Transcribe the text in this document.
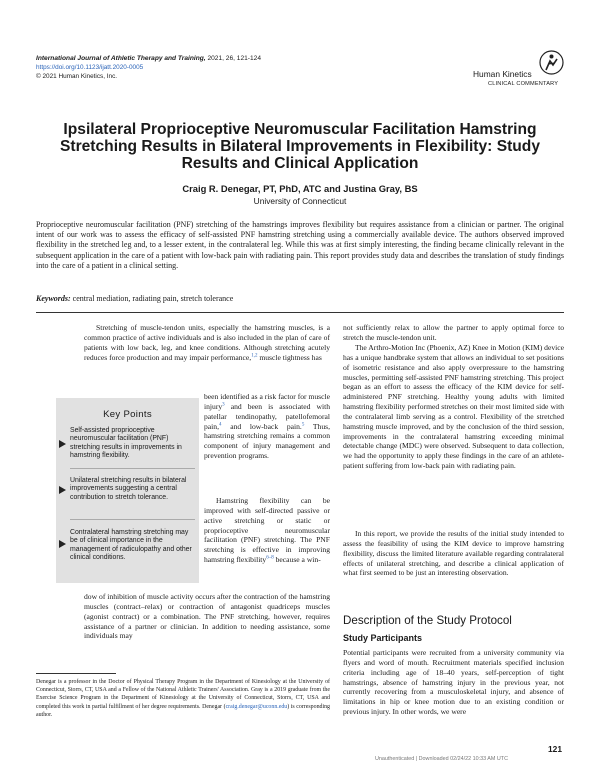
International Journal of Athletic Therapy and Training, 2021, 26, 121-124
https://doi.org/10.1123/ijatt.2020-0005
© 2021 Human Kinetics, Inc.	Human Kinetics
CLINICAL COMMENTARY
Ipsilateral Proprioceptive Neuromuscular Facilitation Hamstring Stretching Results in Bilateral Improvements in Flexibility: Study Results and Clinical Application
Craig R. Denegar, PT, PhD, ATC and Justina Gray, BS
University of Connecticut
Proprioceptive neuromuscular facilitation (PNF) stretching of the hamstrings improves flexibility but requires assistance from a clinician or partner. The original intent of our work was to assess the efficacy of self-assisted PNF hamstring stretching using a commercially available device. The authors observed improved flexibility in the stretched leg and, to a lesser extent, in the contralateral leg. While this was at first simply interesting, the finding became clinically relevant in the subsequent application in the care of a patient with low-back pain with radiating pain. This report provides study data and describes the translation of study findings into the care of a patient in a clinical setting.
Keywords: central mediation, radiating pain, stretch tolerance
Stretching of muscle-tendon units, especially the hamstring muscles, is a common practice of active individuals and is also included in the plan of care of patients with low back, leg, and knee conditions. Although stretching acutely reduces force production and may impair performance,$^{1,2}$ muscle tightness has
Key Points
Self-assisted proprioceptive neuromuscular facilitation (PNF) stretching results in improvements in hamstring flexibility.
Unilateral stretching results in bilateral improvements suggesting a central contribution to stretch tolerance.
Contralateral hamstring stretching may be of clinical importance in the management of radiculopathy and other clinical conditions.
been identified as a risk factor for muscle injury$^3$ and been is associated with patellar tendinopathy, patellofemoral pain,$^4$ and low-back pain.$^5$ Thus, hamstring stretching remains a common component of injury management and prevention programs.
Hamstring flexibility can be improved with self-directed passive or active stretching or static or proprioceptive neuromuscular facilitation (PNF) stretching. The PNF stretching is effective in improving hamstring flexibility$^{6-8}$ because a win-
dow of inhibition of muscle activity occurs after the contraction of the hamstring muscles (contract–relax) or contraction of antagonist quadriceps muscles (agonist contract) or a combination. The PNF stretching, however, requires assistance of a partner or clinician. In addition to needing assistance, some individuals may
not sufficiently relax to allow the partner to apply optimal force to stretch the muscle-tendon unit.
The Arthro-Motion Inc (Phoenix, AZ) Knee in Motion (KIM) device has a unique handbrake system that allows an individual to set positions of isometric resistance and also apply overpressure to the hamstring muscles, permitting self-assisted PNF hamstring stretching. This project began as an effort to assess the efficacy of the KIM device for self-administered PNF stretching. Healthy young adults with limited hamstring flexibility performed stretches on their most limited side with the contralateral limb serving as a control. Flexibility of the stretched hamstring muscle improved, and by the conclusion of the third session, improvements in the contralateral hamstring exceeding minimal detectable change (MDC) were observed. Subsequent to data collection, we had the opportunity to apply these findings in the care of an athlete-patient suffering from low-back pain with radiating pain.
In this report, we provide the results of the initial study intended to assess the feasibility of using the KIM device to improve hamstring flexibility, discuss the limited literature available regarding contralateral effects of unilateral stretching, and describe a clinical application of what first seemed to be just an interesting observation.
Description of the Study Protocol
Study Participants
Potential participants were recruited from a university community via flyers and word of mouth. Recruitment materials specified inclusion criteria including age of 18–40 years, self-perception of tight hamstrings, absence of hamstring injury in the previous year, not currently recovering from a musculoskeletal injury, and absence of limitations in hip or knee motion due to an existing condition or previous injury. In other words, we were
Denegar is a professor in the Doctor of Physical Therapy Program in the Department of Kinesiology at the University of Connecticut, Storrs, CT, USA and a Fellow of the National Athletic Trainers' Association. Gray is a 2019 graduate from the Exercise Science Program in the Department of Kinesiology at the University of Connecticut, Storrs, CT, USA and completed this work in partial fulfillment of her degree requirements. Denegar (craig.denegar@uconn.edu) is corresponding author.
121
Unauthenticated | Downloaded 02/24/22 10:33 AM UTC
